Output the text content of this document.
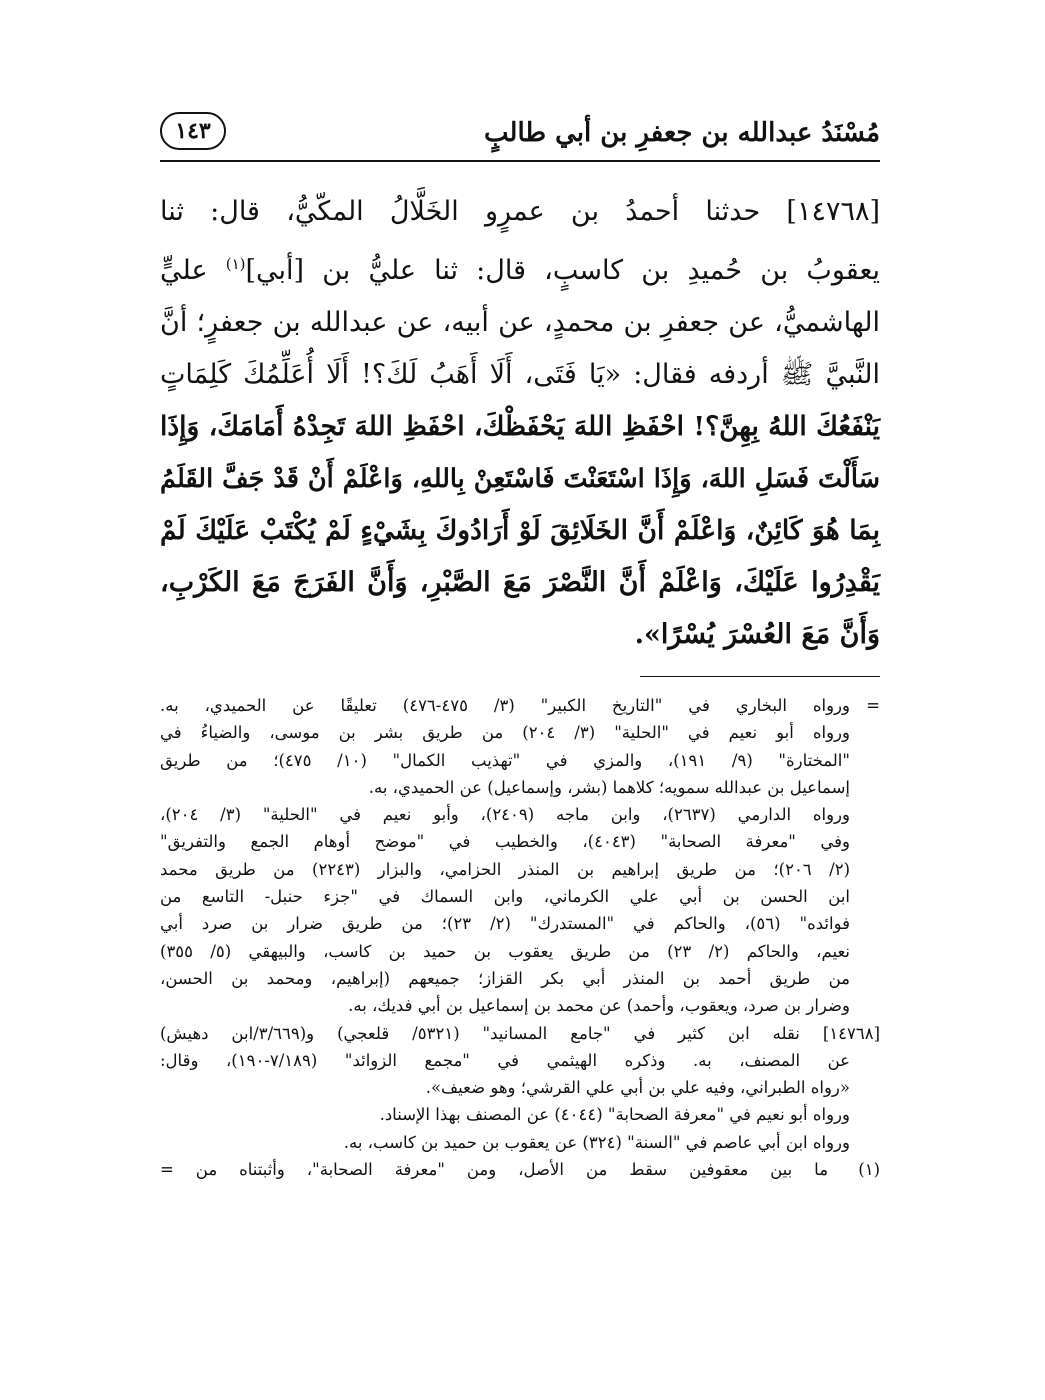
مُسْنَدُ عبدالله بن جعفرِ بن أبي طالبٍ
١٤٣
[١٤٧٦٨] حدثنا أحمدُ بن عمرٍو الخَلَّالُ المكّيُّ، قال: ثنا
يعقوبُ بن حُميدِ بن كاسبٍ، قال: ثنا عليُّ بن [أبي]$^{(١)}$ عليٍّ
الهاشميُّ، عن جعفرِ بن محمدٍ، عن أبيه، عن عبدالله بن جعفرٍ؛ أنَّ
النَّبيَّ ﷺ أردفه فقال: «يَا فَتَى، أَلَا أَهَبُ لَكَ؟! أَلَا أُعَلِّمُكَ كَلِمَاتٍ
يَنْفَعُكَ اللهُ بِهِنَّ؟! احْفَظِ اللهَ يَحْفَظْكَ، احْفَظِ اللهَ تَجِدْهُ أَمَامَكَ، وَإِذَا
سَأَلْتَ فَسَلِ اللهَ، وَإِذَا اسْتَعَنْتَ فَاسْتَعِنْ بِاللهِ، وَاعْلَمْ أَنْ قَدْ جَفَّ القَلَمُ
بِمَا هُوَ كَائِنٌ، وَاعْلَمْ أَنَّ الخَلَائِقَ لَوْ أَرَادُوكَ بِشَيْءٍ لَمْ يُكْتَبْ عَلَيْكَ لَمْ
يَقْدِرُوا عَلَيْكَ، وَاعْلَمْ أَنَّ النَّصْرَ مَعَ الصَّبْرِ، وَأَنَّ الفَرَجَ مَعَ الكَرْبِ،
وَأَنَّ مَعَ العُسْرَ يُسْرًا».
=ورواه البخاري في "التاريخ الكبير" (٣/ ٤٧٥-٤٧٦) تعليقًا عن الحميدي، به.
ورواه أبو نعيم في "الحلية" (٣/ ٢٠٤) من طريق بشر بن موسى، والضياءُ في
"المختارة" (٩/ ١٩١)، والمزي في "تهذيب الكمال" (١٠/ ٤٧٥)؛ من طريق
إسماعيل بن عبدالله سمويه؛ كلاهما (بشر، وإسماعيل) عن الحميدي، به.
ورواه الدارمي (٢٦٣٧)، وابن ماجه (٢٤٠٩)، وأبو نعيم في "الحلية" (٣/ ٢٠٤)،
وفي "معرفة الصحابة" (٤٠٤٣)، والخطيب في "موضح أوهام الجمع والتفريق"
(٢/ ٢٠٦)؛ من طريق إبراهيم بن المنذر الحزامي، والبزار (٢٢٤٣) من طريق محمد
ابن الحسن بن أبي علي الكرماني، وابن السماك في "جزء حنبل- التاسع من
فوائده" (٥٦)، والحاكم في "المستدرك" (٢/ ٢٣)؛ من طريق ضرار بن صرد أبي
نعيم، والحاكم (٢/ ٢٣) من طريق يعقوب بن حميد بن كاسب، والبيهقي (٥/ ٣٥٥)
من طريق أحمد بن المنذر أبي بكر القزاز؛ جميعهم (إبراهيم، ومحمد بن الحسن،
وضرار بن صرد، ويعقوب، وأحمد) عن محمد بن إسماعيل بن أبي فديك، به.
[١٤٧٦٨] نقله ابن كثير في "جامع المسانيد" (٥٣٢١/ قلعجي) و(٣/٦٦٩/ابن دهيش)
عن المصنف، به. وذكره الهيثمي في "مجمع الزوائد" (٧/١٨٩-١٩٠)، وقال:
«رواه الطبراني، وفيه علي بن أبي علي القرشي؛ وهو ضعيف».
ورواه أبو نعيم في "معرفة الصحابة" (٤٠٤٤) عن المصنف بهذا الإسناد.
ورواه ابن أبي عاصم في "السنة" (٣٢٤) عن يعقوب بن حميد بن كاسب، به.
(١) ما بين معقوفين سقط من الأصل، ومن "معرفة الصحابة"، وأثبتناه من =
